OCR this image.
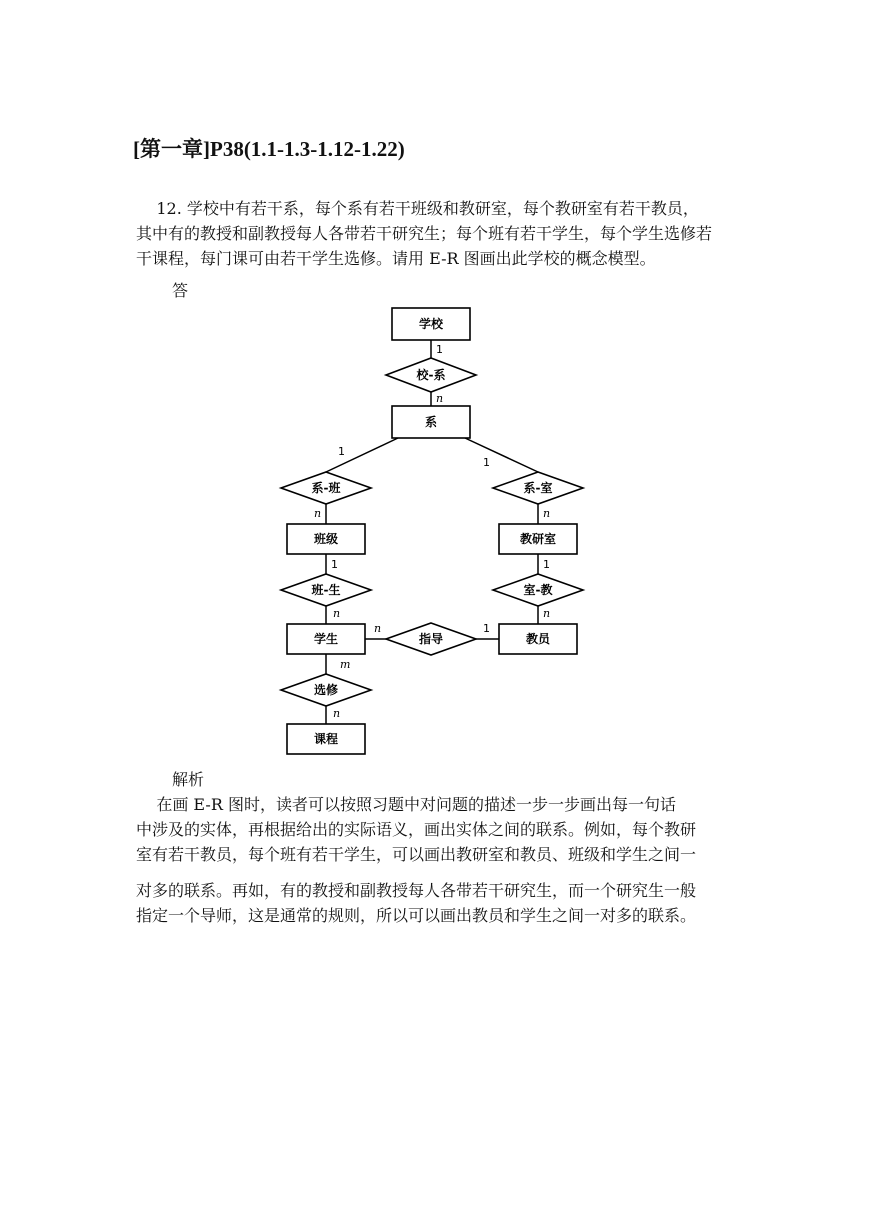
[第一章]P38(1.1-1.3-1.12-1.22)

12. 学校中有若干系，每个系有若干班级和教研室，每个教研室有若干教员，
其中有的教授和副教授每人各带若干研究生；每个班有若干学生，每个学生选修若
干课程，每门课可由若干学生选修。请用 E-R 图画出此学校的概念模型。

答
学校
系
班级	教研室
学生	教员
课程
校-系
系-班	系-室
班-生	室-教
指导
选修
1
n
1
1
n	n
1	1
n	n
n	1
m
n
解析

在画 E-R 图时，读者可以按照习题中对问题的描述一步一步画出每一句话
中涉及的实体，再根据给出的实际语义，画出实体之间的联系。例如，每个教研
室有若干教员，每个班有若干学生，可以画出教研室和教员、班级和学生之间一

对多的联系。再如，有的教授和副教授每人各带若干研究生，而一个研究生一般
指定一个导师，这是通常的规则，所以可以画出教员和学生之间一对多的联系。
